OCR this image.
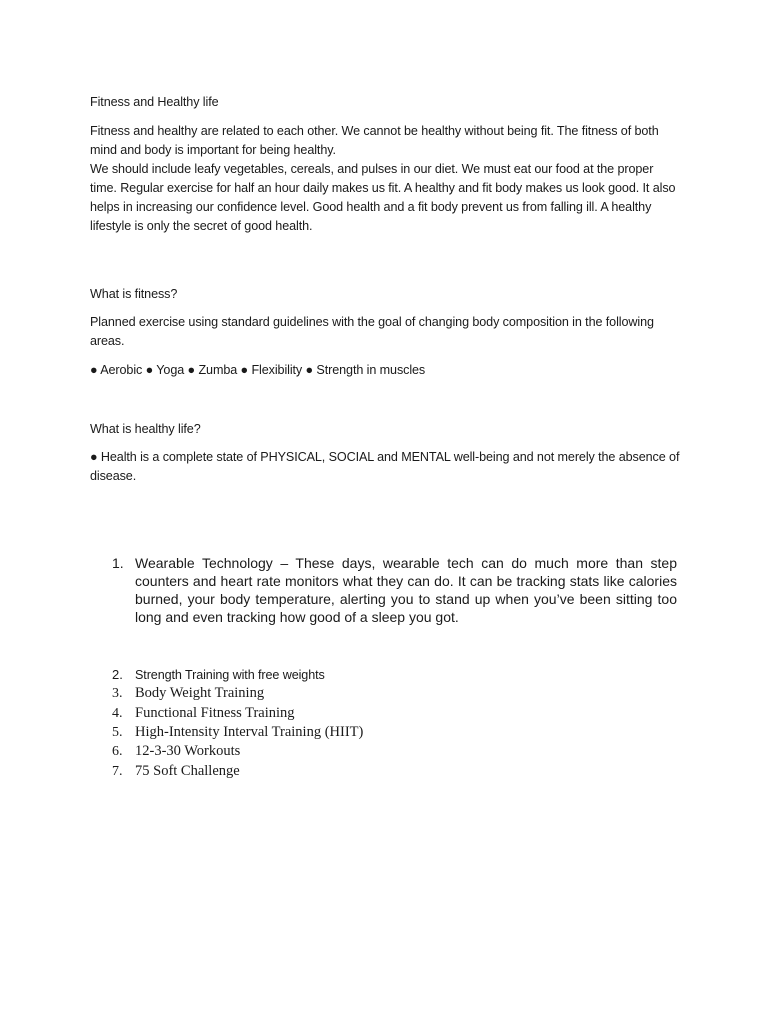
Fitness and Healthy life

Fitness and healthy are related to each other. We cannot be healthy without being fit. The fitness of both mind and body is important for being healthy.

We should include leafy vegetables, cereals, and pulses in our diet. We must eat our food at the proper time. Regular exercise for half an hour daily makes us fit. A healthy and fit body makes us look good. It also helps in increasing our confidence level. Good health and a fit body prevent us from falling ill. A healthy lifestyle is only the secret of good health.

What is fitness?

Planned exercise using standard guidelines with the goal of changing body composition in the following areas.

● Aerobic ● Yoga ● Zumba ● Flexibility ● Strength in muscles

What is healthy life?

● Health is a complete state of PHYSICAL, SOCIAL and MENTAL well-being and not merely the absence of disease.

1. Wearable Technology – These days, wearable tech can do much more than step counters and heart rate monitors what they can do. It can be tracking stats like calories burned, your body temperature, alerting you to stand up when you’ve been sitting too long and even tracking how good of a sleep you got.

2. Strength Training with free weights

3. Body Weight Training

4. Functional Fitness Training

5. High-Intensity Interval Training (HIIT)

6. 12-3-30 Workouts

7. 75 Soft Challenge
